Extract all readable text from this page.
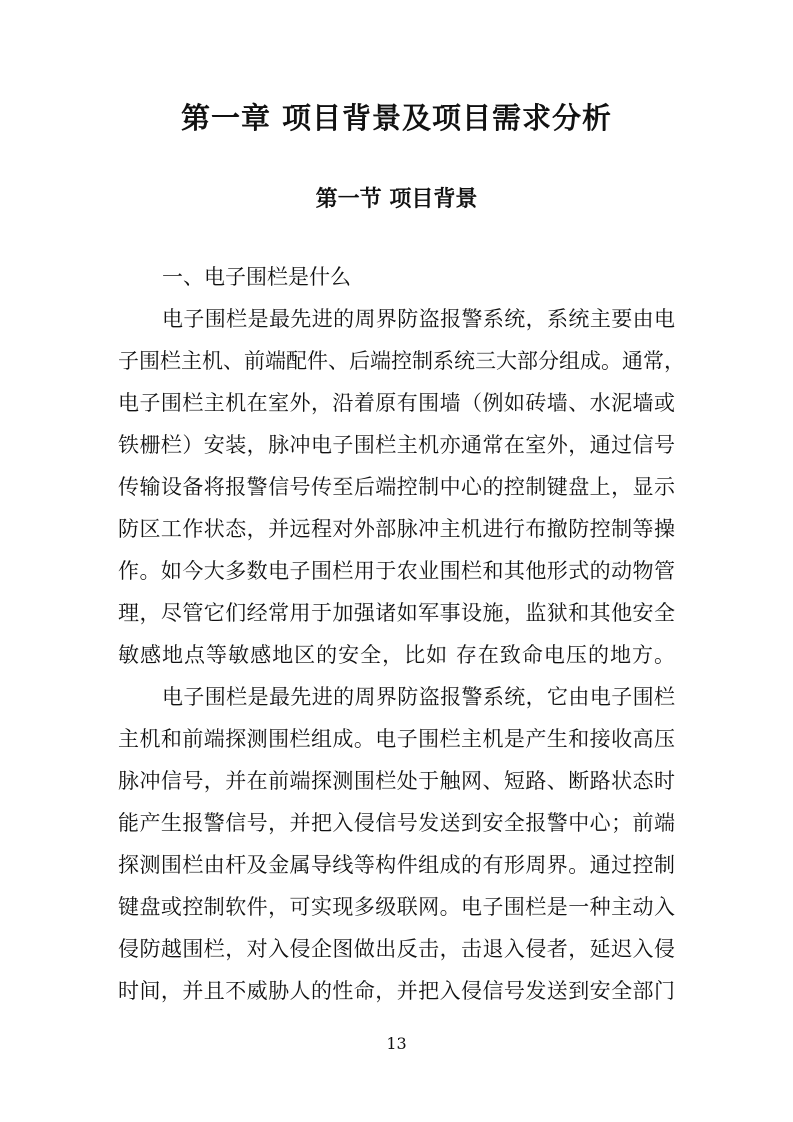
第一章 项目背景及项目需求分析
第一节 项目背景
一、电子围栏是什么
电子围栏是最先进的周界防盗报警系统，系统主要由电
子围栏主机、前端配件、后端控制系统三大部分组成。通常，
电子围栏主机在室外，沿着原有围墙（例如砖墙、水泥墙或
铁栅栏）安装，脉冲电子围栏主机亦通常在室外，通过信号
传输设备将报警信号传至后端控制中心的控制键盘上，显示
防区工作状态，并远程对外部脉冲主机进行布撤防控制等操
作。如今大多数电子围栏用于农业围栏和其他形式的动物管
理，尽管它们经常用于加强诸如军事设施，监狱和其他安全
敏感地点等敏感地区的安全，比如 存在致命电压的地方。
电子围栏是最先进的周界防盗报警系统，它由电子围栏
主机和前端探测围栏组成。电子围栏主机是产生和接收高压
脉冲信号，并在前端探测围栏处于触网、短路、断路状态时
能产生报警信号，并把入侵信号发送到安全报警中心；前端
探测围栏由杆及金属导线等构件组成的有形周界。通过控制
键盘或控制软件，可实现多级联网。电子围栏是一种主动入
侵防越围栏，对入侵企图做出反击，击退入侵者，延迟入侵
时间，并且不威胁人的性命，并把入侵信号发送到安全部门
13
